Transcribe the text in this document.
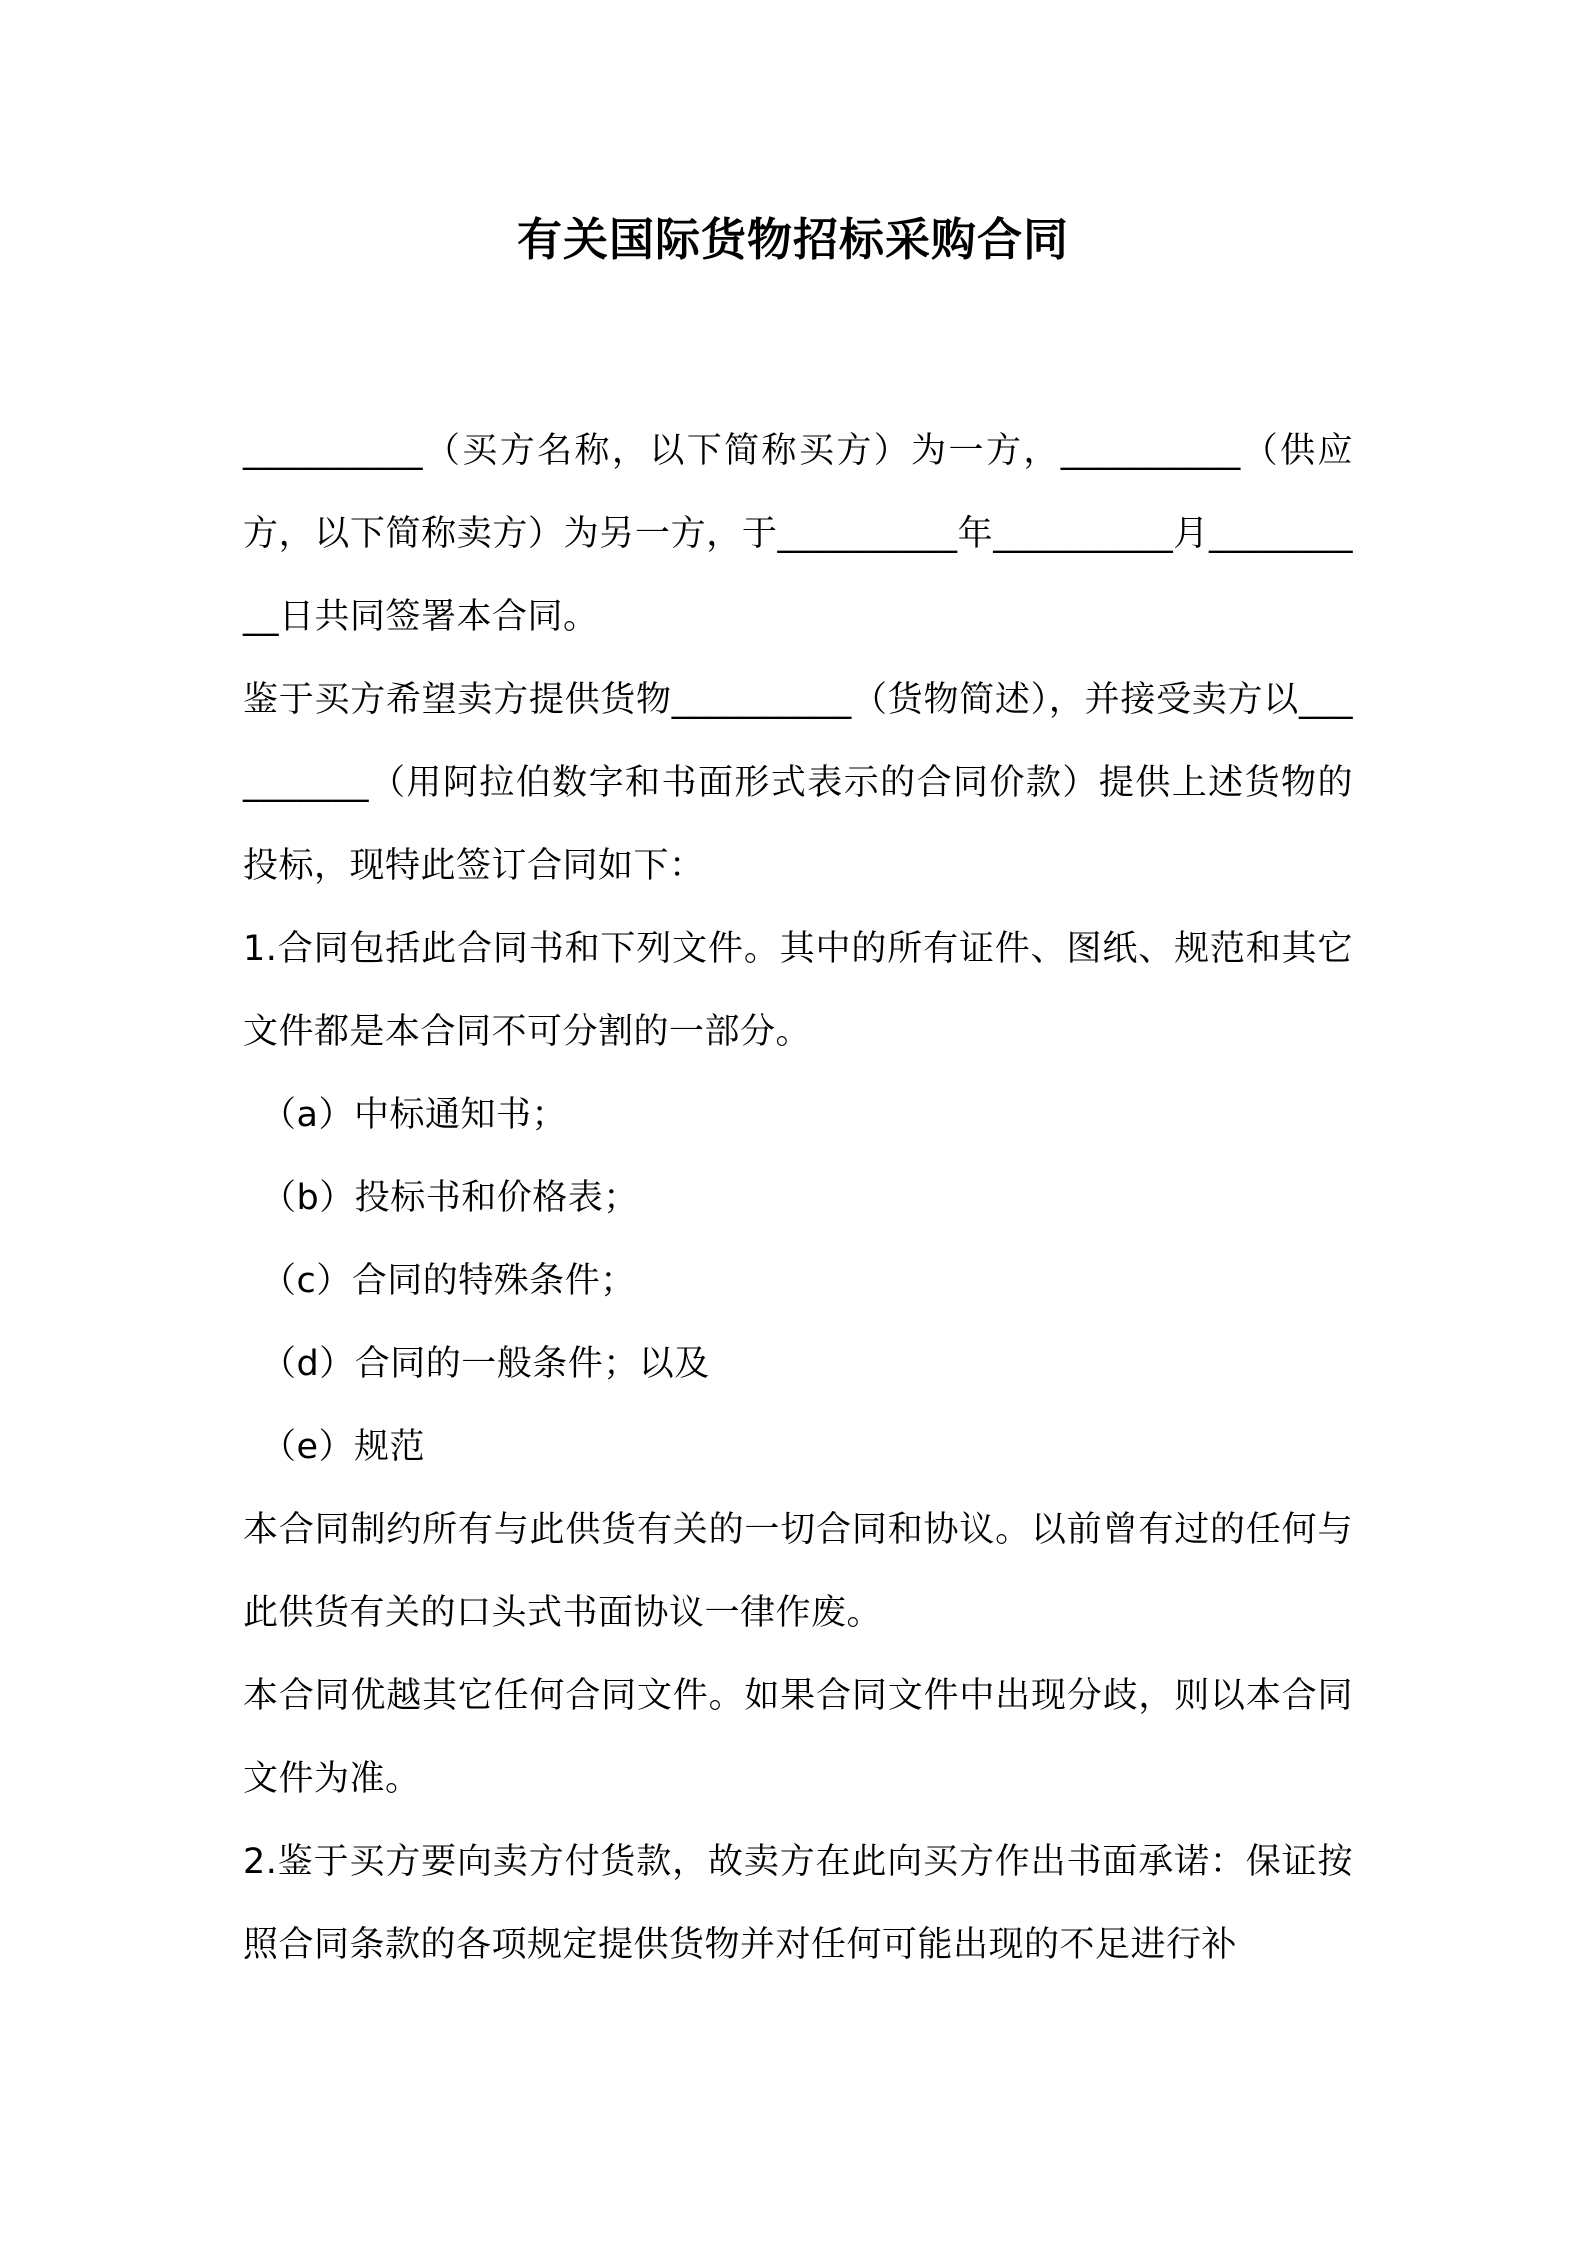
有关国际货物招标采购合同

__________（买方名称，以下简称买方）为一方，__________（供应方，以下简称卖方）为另一方，于__________年__________月__________日共同签署本合同。

鉴于买方希望卖方提供货物__________（货物简述），并接受卖方以__________（用阿拉伯数字和书面形式表示的合同价款）提供上述货物的投标，现特此签订合同如下：

1.合同包括此合同书和下列文件。其中的所有证件、图纸、规范和其它文件都是本合同不可分割的一部分。

（a）中标通知书；

（b）投标书和价格表；

（c）合同的特殊条件；

（d）合同的一般条件；以及

（e）规范

本合同制约所有与此供货有关的一切合同和协议。以前曾有过的任何与此供货有关的口头式书面协议一律作废。

本合同优越其它任何合同文件。如果合同文件中出现分歧，则以本合同文件为准。

2.鉴于买方要向卖方付货款，故卖方在此向买方作出书面承诺：保证按照合同条款的各项规定提供货物并对任何可能出现的不足进行补
